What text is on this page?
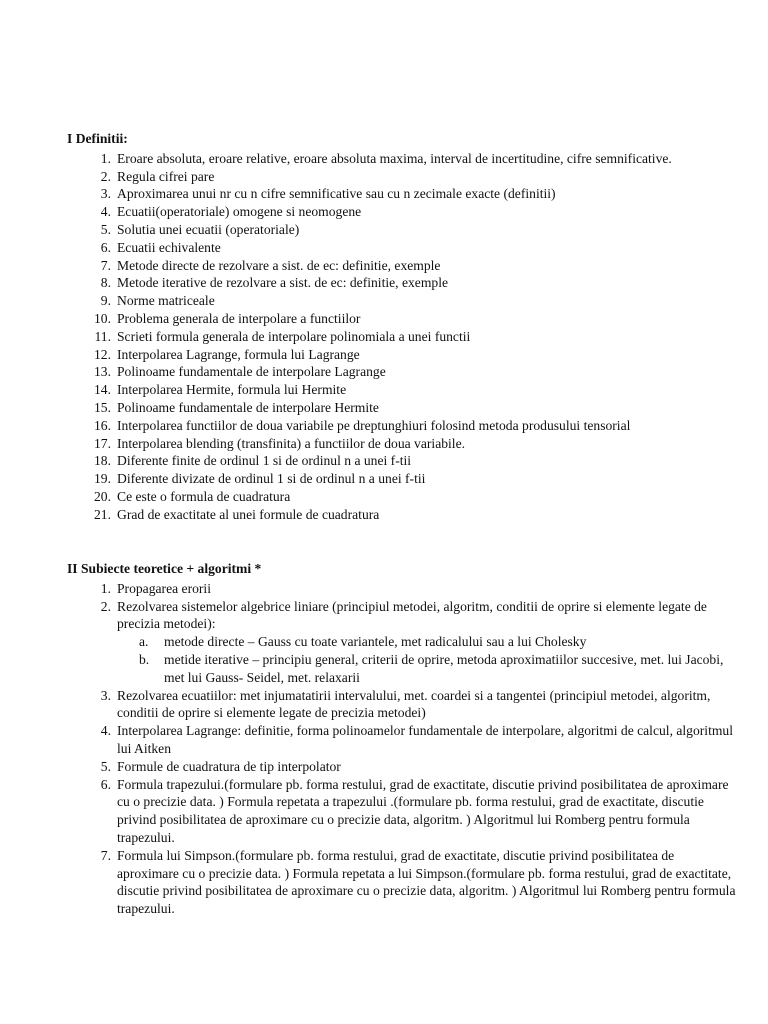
I Definitii:
1. Eroare absoluta, eroare relative, eroare absoluta maxima, interval de incertitudine, cifre semnificative.
2. Regula cifrei pare
3. Aproximarea unui nr cu n cifre semnificative sau cu n zecimale exacte (definitii)
4. Ecuatii(operatoriale) omogene si neomogene
5. Solutia unei ecuatii (operatoriale)
6. Ecuatii echivalente
7. Metode directe de rezolvare a sist. de ec: definitie, exemple
8. Metode iterative de rezolvare a sist. de ec: definitie, exemple
9. Norme matriceale
10. Problema generala de interpolare a functiilor
11. Scrieti formula generala de interpolare polinomiala a unei functii
12. Interpolarea Lagrange, formula lui Lagrange
13. Polinoame fundamentale de interpolare Lagrange
14. Interpolarea Hermite, formula lui Hermite
15. Polinoame fundamentale de interpolare Hermite
16. Interpolarea functiilor de doua variabile pe dreptunghiuri folosind metoda produsului tensorial
17. Interpolarea blending (transfinita) a functiilor de doua variabile.
18. Diferente finite de ordinul 1 si de ordinul n a unei f-tii
19. Diferente divizate de ordinul 1 si de ordinul n a unei f-tii
20. Ce este o formula de cuadratura
21. Grad de exactitate al unei formule de cuadratura
II Subiecte teoretice + algoritmi *
1. Propagarea erorii
2. Rezolvarea sistemelor algebrice liniare (principiul metodei, algoritm, conditii de oprire si elemente legate de precizia metodei):
a.	metode directe – Gauss cu toate variantele, met radicalului sau a lui Cholesky
b.	metide iterative – principiu general, criterii de oprire, metoda aproximatiilor succesive, met. lui Jacobi, met lui Gauss- Seidel, met. relaxarii
3. Rezolvarea ecuatiilor: met injumatatirii intervalului, met. coardei si a tangentei (principiul metodei, algoritm, conditii de oprire si elemente legate de precizia metodei)
4. Interpolarea Lagrange: definitie, forma polinoamelor fundamentale de interpolare, algoritmi de calcul, algoritmul lui Aitken
5. Formule de cuadratura de tip interpolator
6. Formula trapezului.(formulare pb. forma restului, grad de exactitate, discutie privind posibilitatea de aproximare cu o precizie data. ) Formula repetata a trapezului .(formulare pb. forma restului, grad de exactitate, discutie privind posibilitatea de aproximare cu o precizie data, algoritm. ) Algoritmul lui Romberg pentru formula trapezului.
7. Formula lui Simpson.(formulare pb. forma restului, grad de exactitate, discutie privind posibilitatea de aproximare cu o precizie data. ) Formula repetata a lui Simpson.(formulare pb. forma restului, grad de exactitate, discutie privind posibilitatea de aproximare cu o precizie data, algoritm. ) Algoritmul lui Romberg pentru formula trapezului.
